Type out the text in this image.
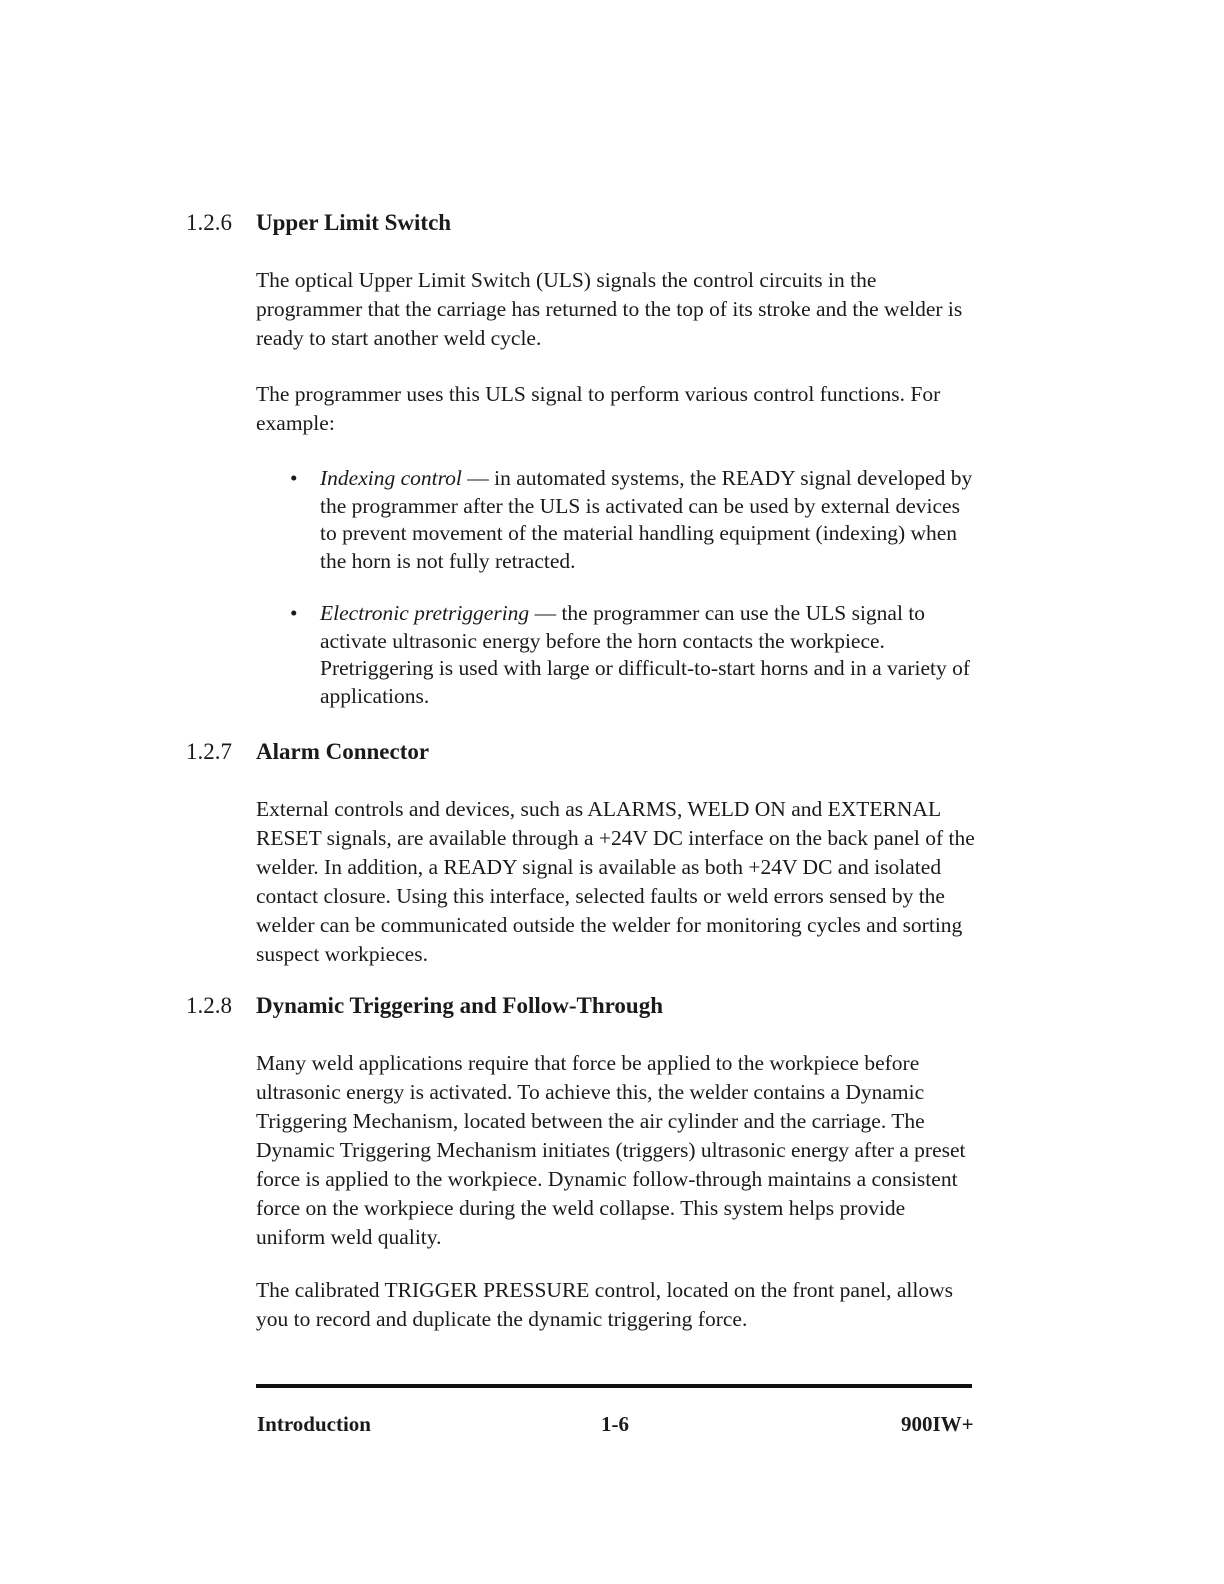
1.2.6 Upper Limit Switch

The optical Upper Limit Switch (ULS) signals the control circuits in the programmer that the carriage has returned to the top of its stroke and the welder is ready to start another weld cycle.

The programmer uses this ULS signal to perform various control functions. For example:

•	Indexing control — in automated systems, the READY signal developed by the programmer after the ULS is activated can be used by external devices to prevent movement of the material handling equipment (indexing) when the horn is not fully retracted.
•	Electronic pretriggering — the programmer can use the ULS signal to activate ultrasonic energy before the horn contacts the workpiece. Pretriggering is used with large or difficult-to-start horns and in a variety of applications.
1.2.7 Alarm Connector

External controls and devices, such as ALARMS, WELD ON and EXTERNAL RESET signals, are available through a +24V DC interface on the back panel of the welder. In addition, a READY signal is available as both +24V DC and isolated contact closure. Using this interface, selected faults or weld errors sensed by the welder can be communicated outside the welder for monitoring cycles and sorting suspect workpieces.

1.2.8 Dynamic Triggering and Follow-Through

Many weld applications require that force be applied to the workpiece before ultrasonic energy is activated. To achieve this, the welder contains a Dynamic Triggering Mechanism, located between the air cylinder and the carriage. The Dynamic Triggering Mechanism initiates (triggers) ultrasonic energy after a preset force is applied to the workpiece. Dynamic follow-through maintains a consistent force on the workpiece during the weld collapse. This system helps provide uniform weld quality.

The calibrated TRIGGER PRESSURE control, located on the front panel, allows you to record and duplicate the dynamic triggering force.

Introduction	1-6	900IW+
